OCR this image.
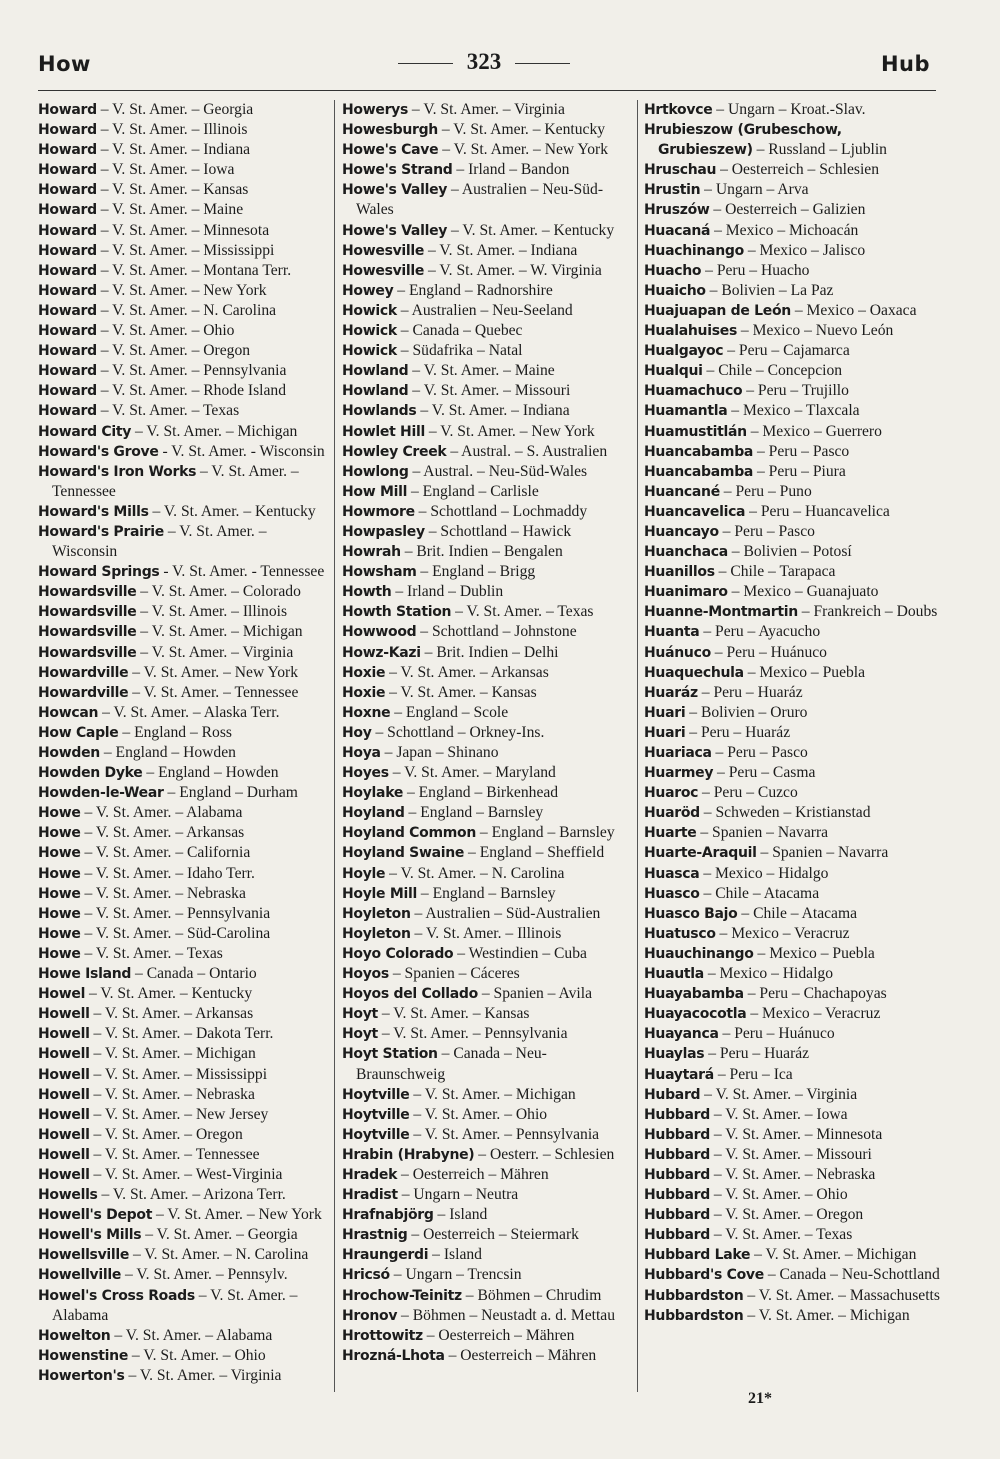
How	323	Hub

Howard – V. St. Amer. – Georgia

Howard – V. St. Amer. – Illinois

Howard – V. St. Amer. – Indiana

Howard – V. St. Amer. – Iowa

Howard – V. St. Amer. – Kansas

Howard – V. St. Amer. – Maine

Howard – V. St. Amer. – Minnesota

Howard – V. St. Amer. – Mississippi

Howard – V. St. Amer. – Montana Terr.

Howard – V. St. Amer. – New York

Howard – V. St. Amer. – N. Carolina

Howard – V. St. Amer. – Ohio

Howard – V. St. Amer. – Oregon

Howard – V. St. Amer. – Pennsylvania

Howard – V. St. Amer. – Rhode Island

Howard – V. St. Amer. – Texas

Howard City – V. St. Amer. – Michigan

Howard's Grove - V. St. Amer. - Wisconsin

Howard's Iron Works – V. St. Amer. – Tennessee

Howard's Mills – V. St. Amer. – Kentucky

Howard's Prairie – V. St. Amer. – Wisconsin

Howard Springs - V. St. Amer. - Tennessee

Howardsville – V. St. Amer. – Colorado

Howardsville – V. St. Amer. – Illinois

Howardsville – V. St. Amer. – Michigan

Howardsville – V. St. Amer. – Virginia

Howardville – V. St. Amer. – New York

Howardville – V. St. Amer. – Tennessee

Howcan – V. St. Amer. – Alaska Terr.

How Caple – England – Ross

Howden – England – Howden

Howden Dyke – England – Howden

Howden-le-Wear – England – Durham

Howe – V. St. Amer. – Alabama

Howe – V. St. Amer. – Arkansas

Howe – V. St. Amer. – California

Howe – V. St. Amer. – Idaho Terr.

Howe – V. St. Amer. – Nebraska

Howe – V. St. Amer. – Pennsylvania

Howe – V. St. Amer. – Süd-Carolina

Howe – V. St. Amer. – Texas

Howe Island – Canada – Ontario

Howel – V. St. Amer. – Kentucky

Howell – V. St. Amer. – Arkansas

Howell – V. St. Amer. – Dakota Terr.

Howell – V. St. Amer. – Michigan

Howell – V. St. Amer. – Mississippi

Howell – V. St. Amer. – Nebraska

Howell – V. St. Amer. – New Jersey

Howell – V. St. Amer. – Oregon

Howell – V. St. Amer. – Tennessee

Howell – V. St. Amer. – West-Virginia

Howells – V. St. Amer. – Arizona Terr.

Howell's Depot – V. St. Amer. – New York

Howell's Mills – V. St. Amer. – Georgia

Howellsville – V. St. Amer. – N. Carolina

Howellville – V. St. Amer. – Pennsylv.

Howel's Cross Roads – V. St. Amer. – Alabama

Howelton – V. St. Amer. – Alabama

Howenstine – V. St. Amer. – Ohio

Howerton's – V. St. Amer. – Virginia

Howerys – V. St. Amer. – Virginia

Howesburgh – V. St. Amer. – Kentucky

Howe's Cave – V. St. Amer. – New York

Howe's Strand – Irland – Bandon

Howe's Valley – Australien – Neu-Süd-Wales

Howe's Valley – V. St. Amer. – Kentucky

Howesville – V. St. Amer. – Indiana

Howesville – V. St. Amer. – W. Virginia

Howey – England – Radnorshire

Howick – Australien – Neu-Seeland

Howick – Canada – Quebec

Howick – Südafrika – Natal

Howland – V. St. Amer. – Maine

Howland – V. St. Amer. – Missouri

Howlands – V. St. Amer. – Indiana

Howlet Hill – V. St. Amer. – New York

Howley Creek – Austral. – S. Australien

Howlong – Austral. – Neu-Süd-Wales

How Mill – England – Carlisle

Howmore – Schottland – Lochmaddy

Howpasley – Schottland – Hawick

Howrah – Brit. Indien – Bengalen

Howsham – England – Brigg

Howth – Irland – Dublin

Howth Station – V. St. Amer. – Texas

Howwood – Schottland – Johnstone

Howz-Kazi – Brit. Indien – Delhi

Hoxie – V. St. Amer. – Arkansas

Hoxie – V. St. Amer. – Kansas

Hoxne – England – Scole

Hoy – Schottland – Orkney-Ins.

Hoya – Japan – Shinano

Hoyes – V. St. Amer. – Maryland

Hoylake – England – Birkenhead

Hoyland – England – Barnsley

Hoyland Common – England – Barnsley

Hoyland Swaine – England – Sheffield

Hoyle – V. St. Amer. – N. Carolina

Hoyle Mill – England – Barnsley

Hoyleton – Australien – Süd-Australien

Hoyleton – V. St. Amer. – Illinois

Hoyo Colorado – Westindien – Cuba

Hoyos – Spanien – Cáceres

Hoyos del Collado – Spanien – Avila

Hoyt – V. St. Amer. – Kansas

Hoyt – V. St. Amer. – Pennsylvania

Hoyt Station – Canada – Neu-Braunschweig

Hoytville – V. St. Amer. – Michigan

Hoytville – V. St. Amer. – Ohio

Hoytville – V. St. Amer. – Pennsylvania

Hrabin (Hrabyne) – Oesterr. – Schlesien

Hradek – Oesterreich – Mähren

Hradist – Ungarn – Neutra

Hrafnabjörg – Island

Hrastnig – Oesterreich – Steiermark

Hraungerdi – Island

Hricsó – Ungarn – Trencsin

Hrochow-Teinitz – Böhmen – Chrudim

Hronov – Böhmen – Neustadt a. d. Mettau

Hrottowitz – Oesterreich – Mähren

Hrozná-Lhota – Oesterreich – Mähren

Hrtkovce – Ungarn – Kroat.-Slav.

Hrubieszow (Grubeschow, Grubieszew) – Russland – Ljublin

Hruschau – Oesterreich – Schlesien

Hrustin – Ungarn – Arva

Hruszów – Oesterreich – Galizien

Huacaná – Mexico – Michoacán

Huachinango – Mexico – Jalisco

Huacho – Peru – Huacho

Huaicho – Bolivien – La Paz

Huajuapan de León – Mexico – Oaxaca

Hualahuises – Mexico – Nuevo León

Hualgayoc – Peru – Cajamarca

Hualqui – Chile – Concepcion

Huamachuco – Peru – Trujillo

Huamantla – Mexico – Tlaxcala

Huamustitlán – Mexico – Guerrero

Huancabamba – Peru – Pasco

Huancabamba – Peru – Piura

Huancané – Peru – Puno

Huancavelica – Peru – Huancavelica

Huancayo – Peru – Pasco

Huanchaca – Bolivien – Potosí

Huanillos – Chile – Tarapaca

Huanimaro – Mexico – Guanajuato

Huanne-Montmartin – Frankreich – Doubs

Huanta – Peru – Ayacucho

Huánuco – Peru – Huánuco

Huaquechula – Mexico – Puebla

Huaráz – Peru – Huaráz

Huari – Bolivien – Oruro

Huari – Peru – Huaráz

Huariaca – Peru – Pasco

Huarmey – Peru – Casma

Huaroc – Peru – Cuzco

Huaröd – Schweden – Kristianstad

Huarte – Spanien – Navarra

Huarte-Araquil – Spanien – Navarra

Huasca – Mexico – Hidalgo

Huasco – Chile – Atacama

Huasco Bajo – Chile – Atacama

Huatusco – Mexico – Veracruz

Huauchinango – Mexico – Puebla

Huautla – Mexico – Hidalgo

Huayabamba – Peru – Chachapoyas

Huayacocotla – Mexico – Veracruz

Huayanca – Peru – Huánuco

Huaylas – Peru – Huaráz

Huaytará – Peru – Ica

Hubard – V. St. Amer. – Virginia

Hubbard – V. St. Amer. – Iowa

Hubbard – V. St. Amer. – Minnesota

Hubbard – V. St. Amer. – Missouri

Hubbard – V. St. Amer. – Nebraska

Hubbard – V. St. Amer. – Ohio

Hubbard – V. St. Amer. – Oregon

Hubbard – V. St. Amer. – Texas

Hubbard Lake – V. St. Amer. – Michigan

Hubbard's Cove – Canada – Neu-Schottland

Hubbardston – V. St. Amer. – Massachusetts

Hubbardston – V. St. Amer. – Michigan

21*
